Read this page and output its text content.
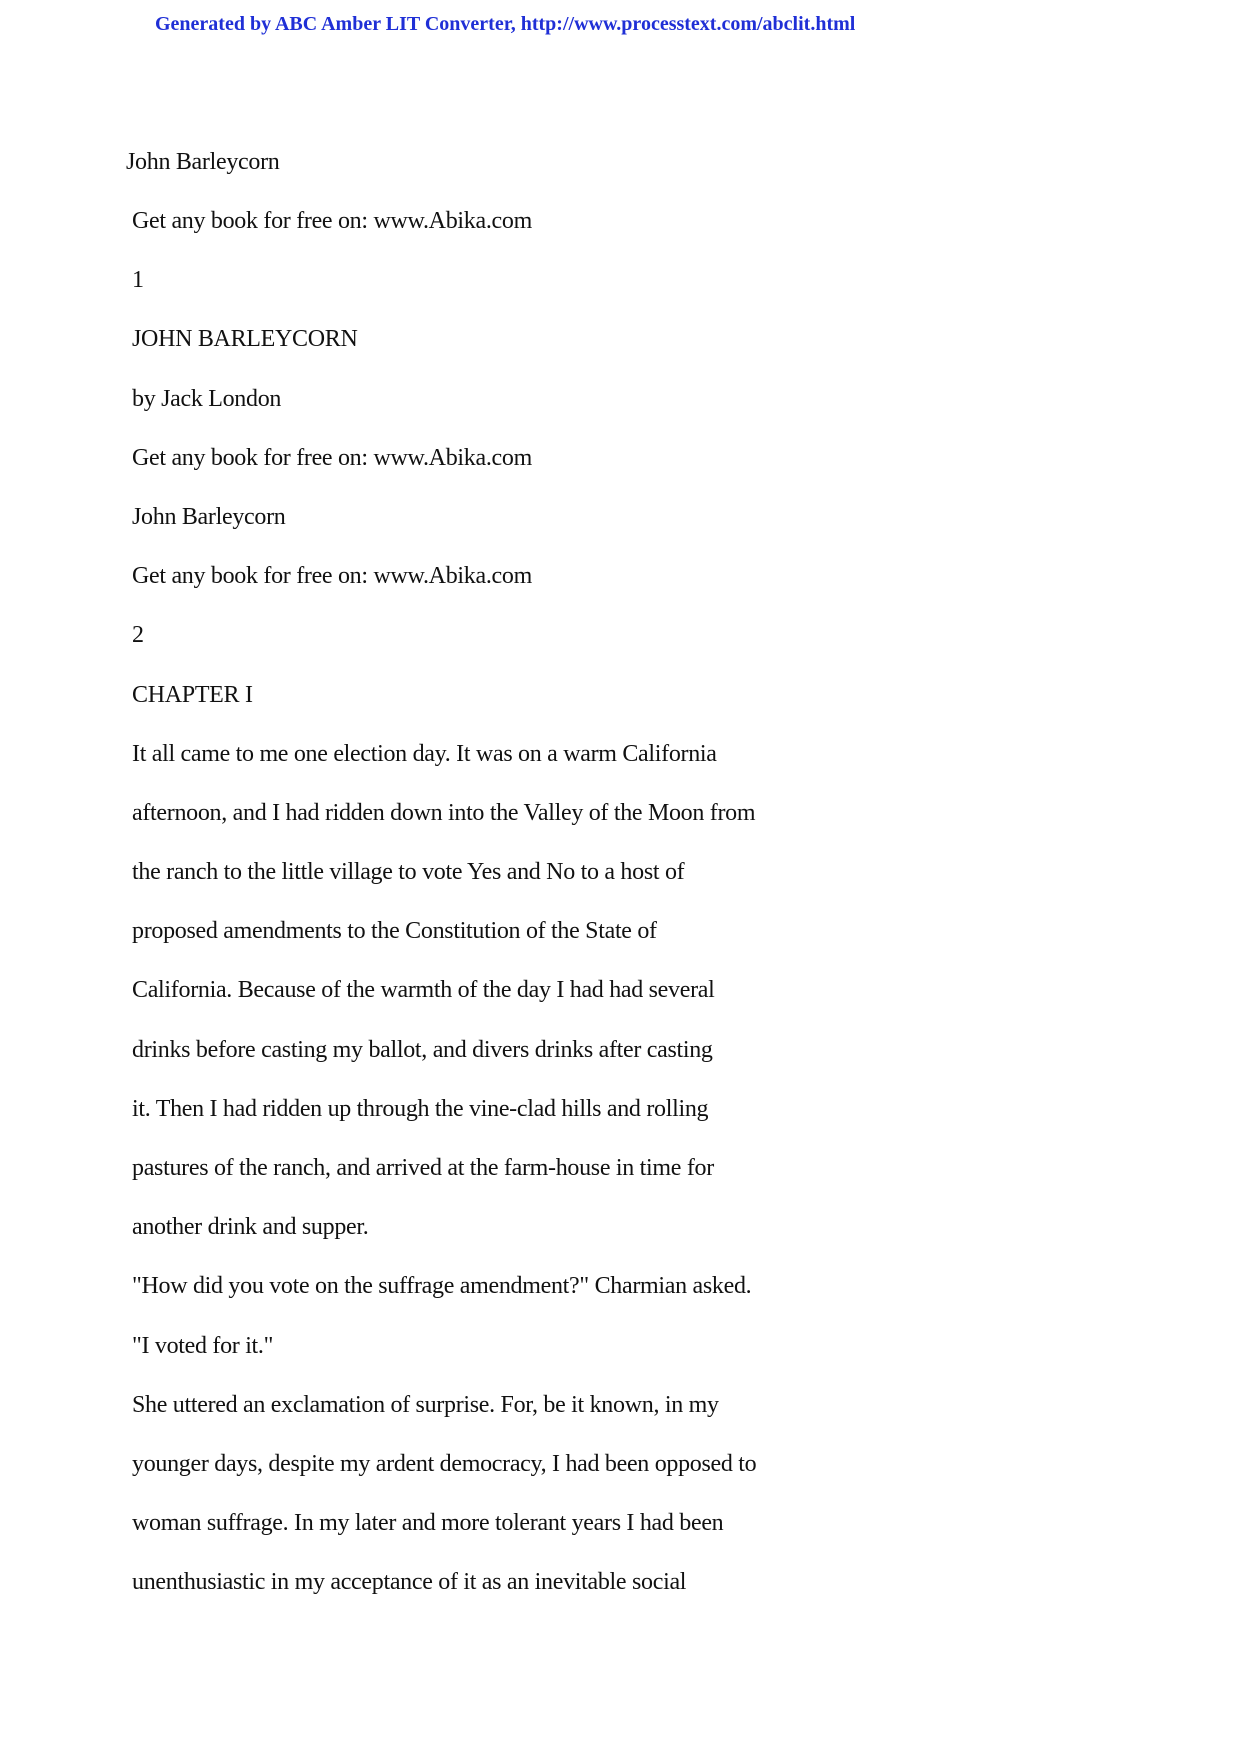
Generated by ABC Amber LIT Converter, http://www.processtext.com/abclit.html
John Barleycorn
Get any book for free on: www.Abika.com
1
JOHN BARLEYCORN
by Jack London
Get any book for free on: www.Abika.com
John Barleycorn
Get any book for free on: www.Abika.com
2
CHAPTER I
It all came to me one election day. It was on a warm California
afternoon, and I had ridden down into the Valley of the Moon from
the ranch to the little village to vote Yes and No to a host of
proposed amendments to the Constitution of the State of
California. Because of the warmth of the day I had had several
drinks before casting my ballot, and divers drinks after casting
it. Then I had ridden up through the vine-clad hills and rolling
pastures of the ranch, and arrived at the farm-house in time for
another drink and supper.
"How did you vote on the suffrage amendment?" Charmian asked.
"I voted for it."
She uttered an exclamation of surprise. For, be it known, in my
younger days, despite my ardent democracy, I had been opposed to
woman suffrage. In my later and more tolerant years I had been
unenthusiastic in my acceptance of it as an inevitable social
